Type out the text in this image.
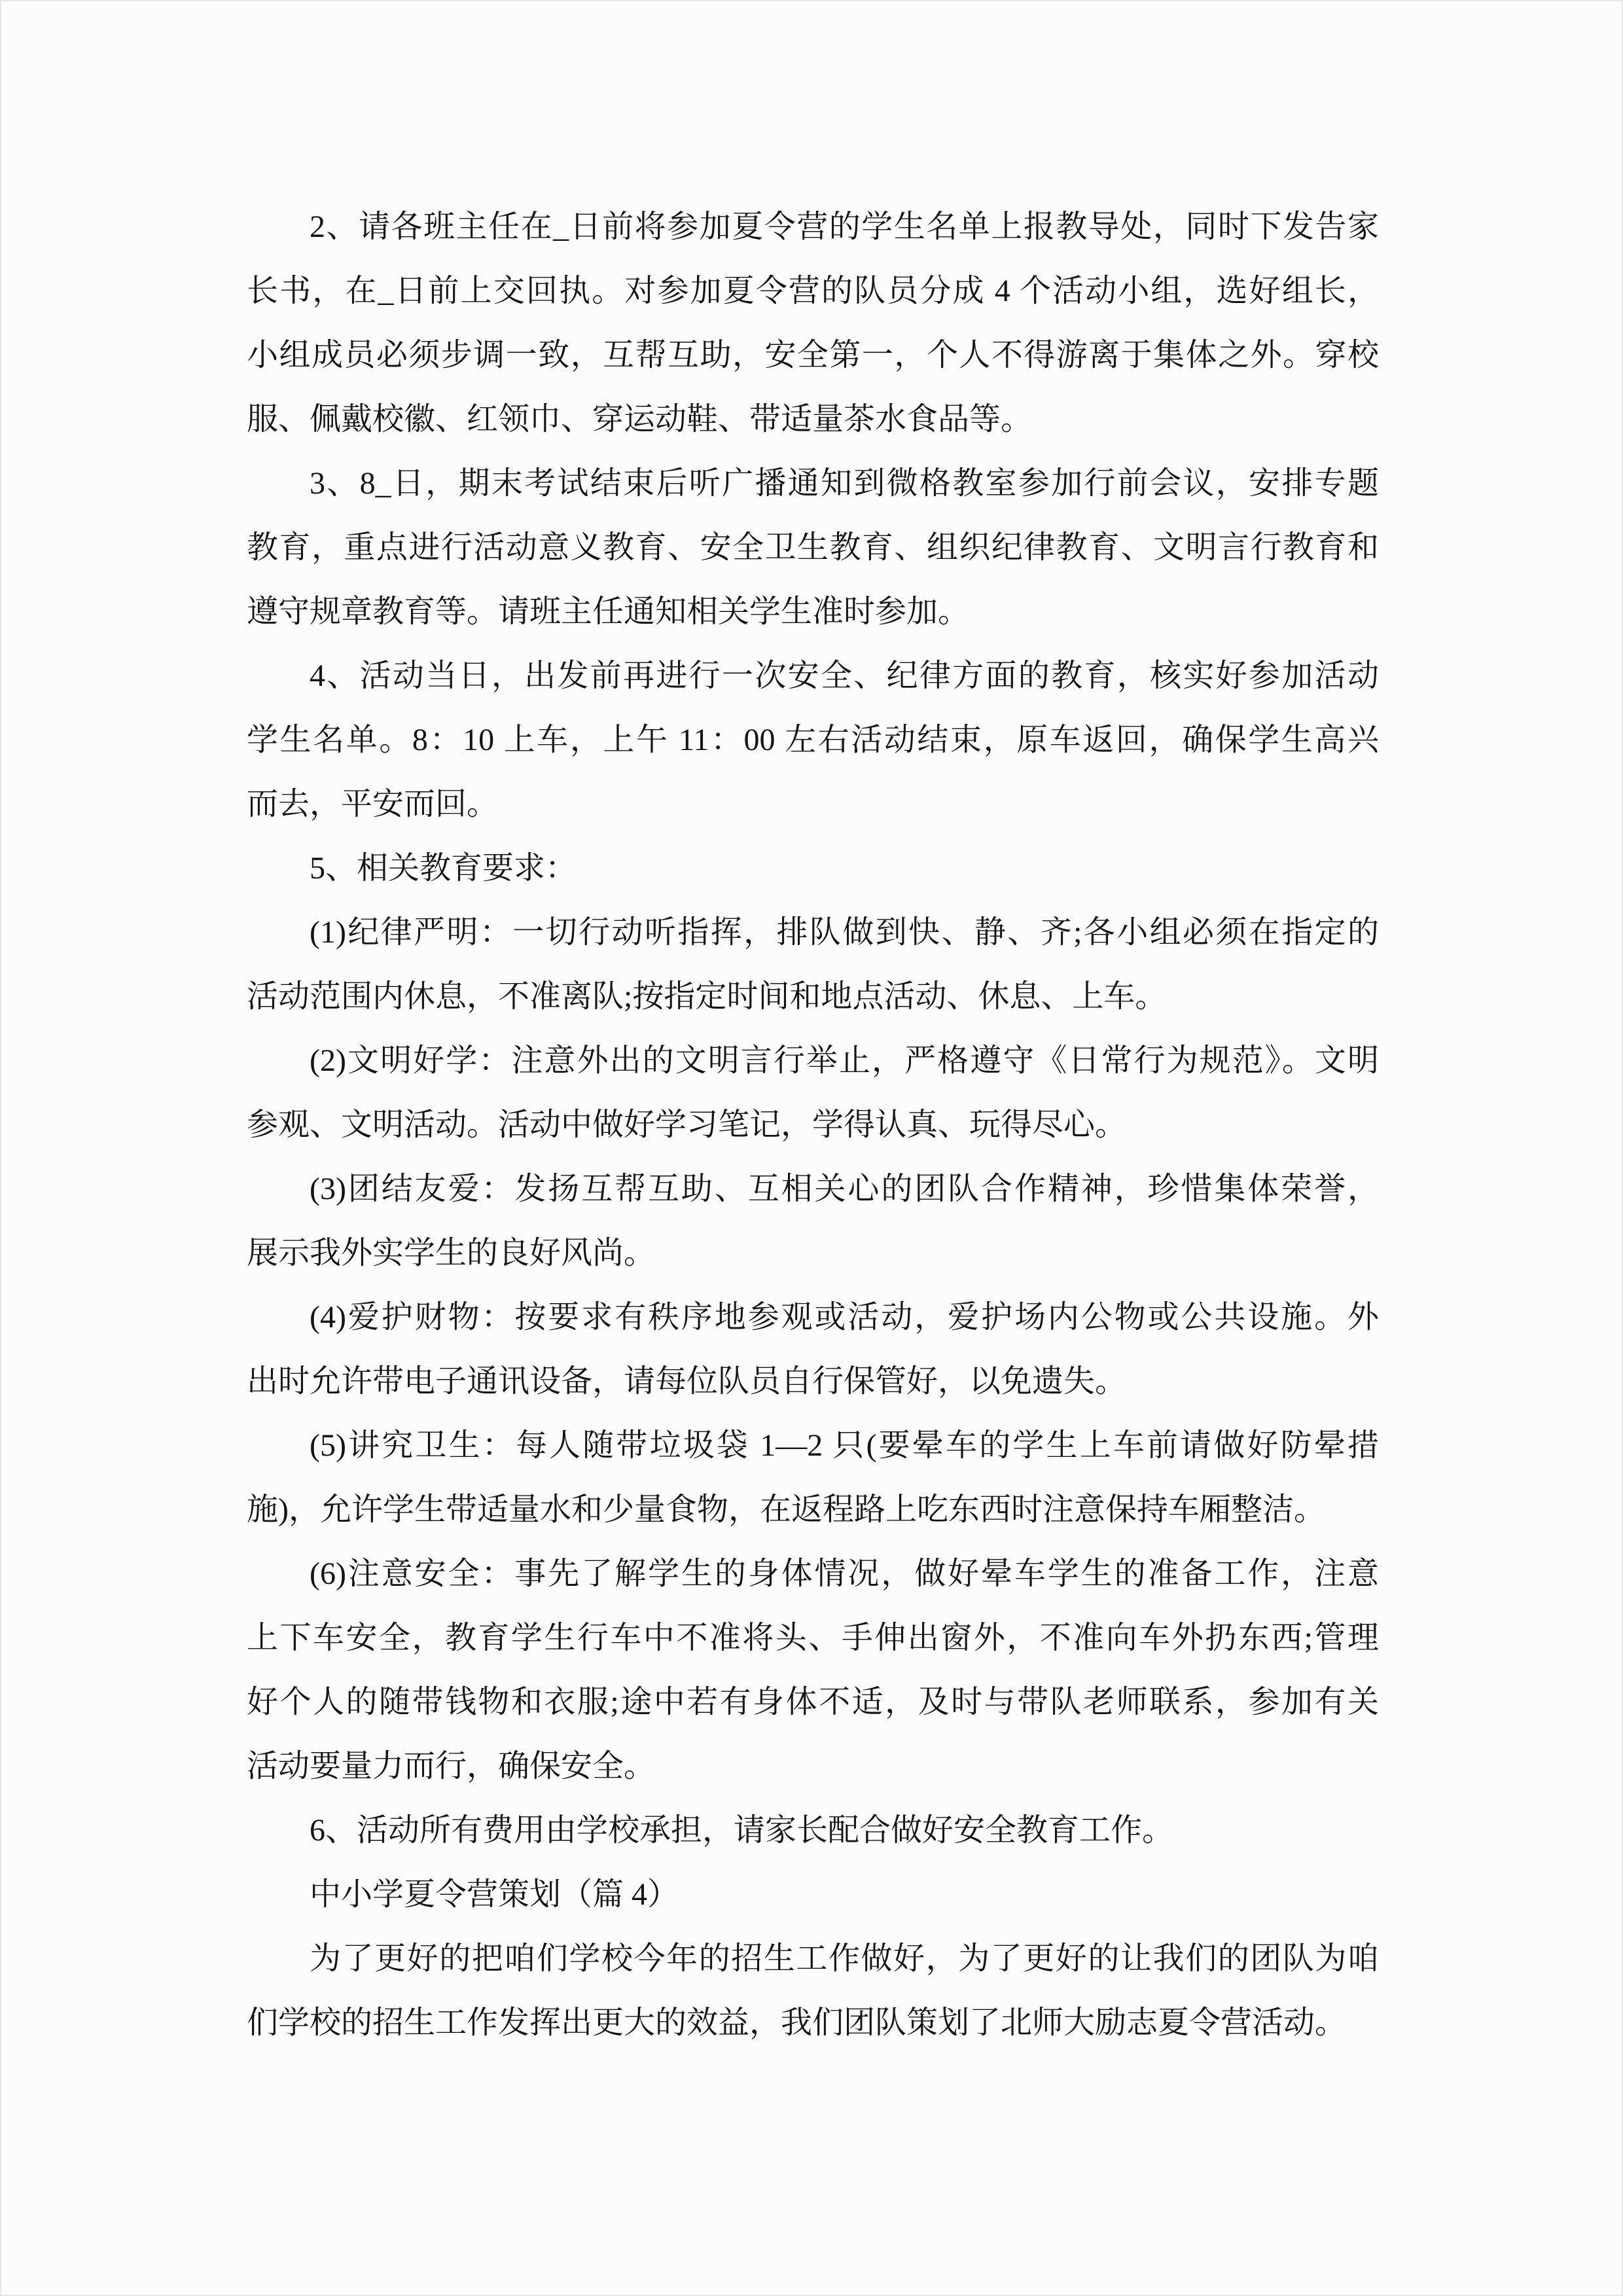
2、请各班主任在_日前将参加夏令营的学生名单上报教导处，同时下发告家
长书，在_日前上交回执。对参加夏令营的队员分成 4 个活动小组，选好组长，
小组成员必须步调一致，互帮互助，安全第一，个人不得游离于集体之外。穿校
服、佩戴校徽、红领巾、穿运动鞋、带适量茶水食品等。

3、8_日，期末考试结束后听广播通知到微格教室参加行前会议，安排专题
教育，重点进行活动意义教育、安全卫生教育、组织纪律教育、文明言行教育和
遵守规章教育等。请班主任通知相关学生准时参加。

4、活动当日，出发前再进行一次安全、纪律方面的教育，核实好参加活动
学生名单。8：10 上车，上午 11：00 左右活动结束，原车返回，确保学生高兴
而去，平安而回。

5、相关教育要求：

(1)纪律严明：一切行动听指挥，排队做到快、静、齐;各小组必须在指定的
活动范围内休息，不准离队;按指定时间和地点活动、休息、上车。

(2)文明好学：注意外出的文明言行举止，严格遵守《日常行为规范》。文明
参观、文明活动。活动中做好学习笔记，学得认真、玩得尽心。

(3)团结友爱：发扬互帮互助、互相关心的团队合作精神，珍惜集体荣誉，
展示我外实学生的良好风尚。

(4)爱护财物：按要求有秩序地参观或活动，爱护场内公物或公共设施。外
出时允许带电子通讯设备，请每位队员自行保管好，以免遗失。

(5)讲究卫生：每人随带垃圾袋 1—2 只(要晕车的学生上车前请做好防晕措
施)，允许学生带适量水和少量食物，在返程路上吃东西时注意保持车厢整洁。

(6)注意安全：事先了解学生的身体情况，做好晕车学生的准备工作，注意
上下车安全，教育学生行车中不准将头、手伸出窗外，不准向车外扔东西;管理
好个人的随带钱物和衣服;途中若有身体不适，及时与带队老师联系，参加有关
活动要量力而行，确保安全。

6、活动所有费用由学校承担，请家长配合做好安全教育工作。

中小学夏令营策划（篇 4）

为了更好的把咱们学校今年的招生工作做好，为了更好的让我们的团队为咱
们学校的招生工作发挥出更大的效益，我们团队策划了北师大励志夏令营活动。
